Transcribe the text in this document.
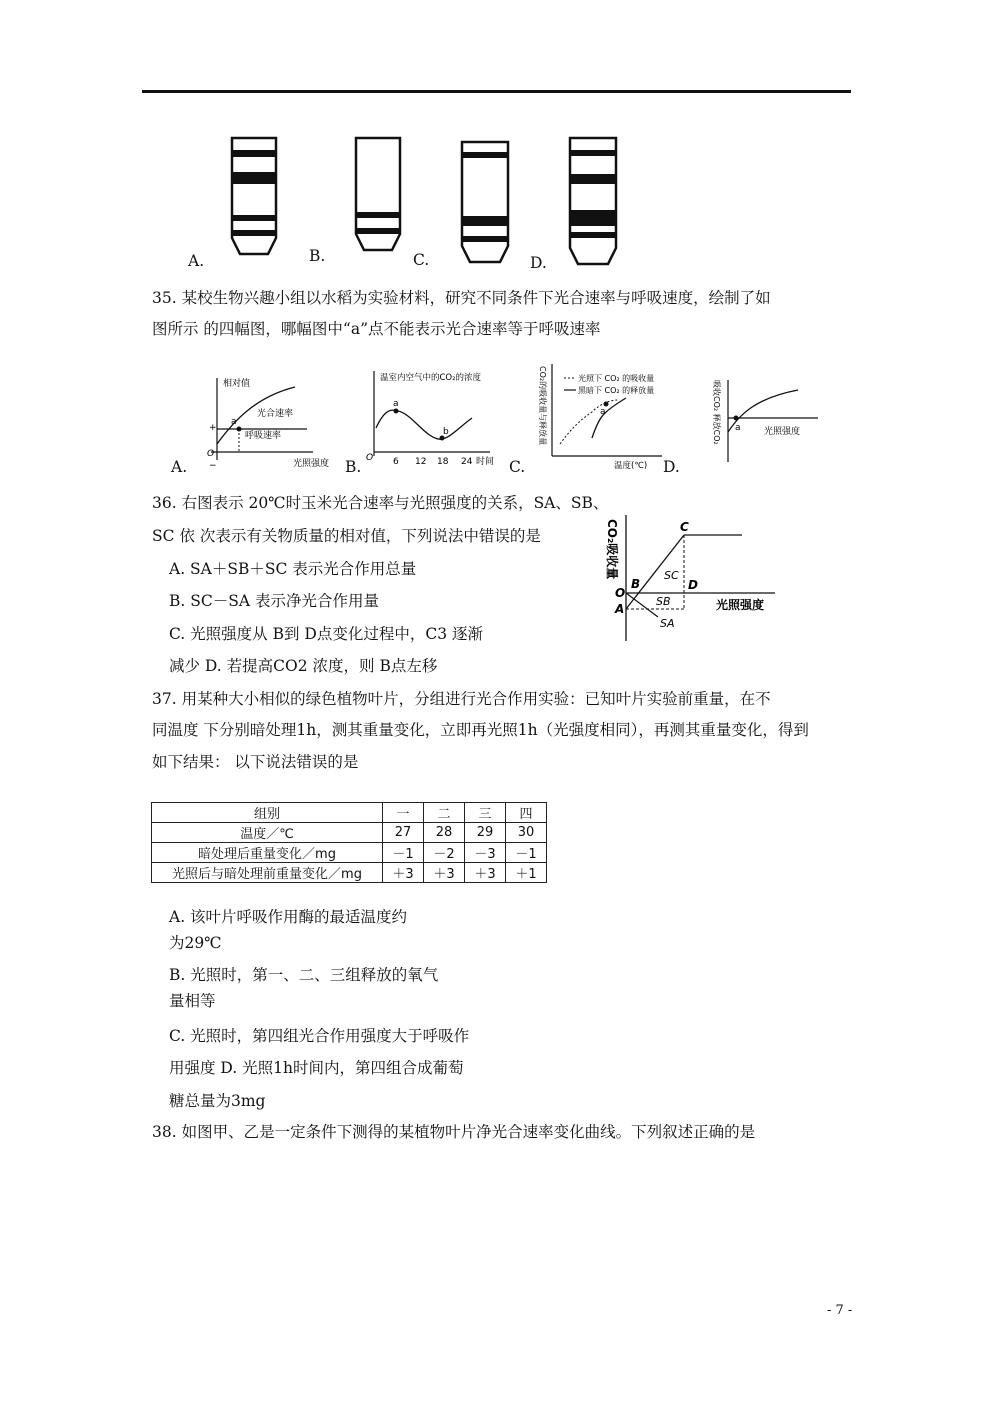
A.	B.	C.	D.
35. 某校生物兴趣小组以水稻为实验材料，研究不同条件下光合速率与呼吸速度，绘制了如
图所示 的四幅图，哪幅图中“a”点不能表示光合速率等于呼吸速率
相对值
光合速率
呼吸速率
a
+
O
−	光照强度
A.
温室内空气中的CO₂的浓度
a
b
O 6 12 18 24 时间
B.
光照下 CO₂ 的吸收量
黑暗下 CO₂ 的释放量
a
CO₂的吸收量与释放量
温度(℃)
C.
a
吸收CO₂ 释放CO₂	光照强度
D.
36. 右图表示 20℃时玉米光合速率与光照强度的关系，SA、SB、
SC 依 次表示有关物质量的相对值，下列说法中错误的是
A. SA＋SB＋SC 表示光合作用总量
B. SC－SA 表示净光合作用量
C. 光照强度从 B到 D点变化过程中，C3 逐渐
减少 D. 若提高CO2 浓度，则 B点左移
CO₂吸收量	C
SC
B	D
O
SB
A	光照强度
SA
37. 用某种大小相似的绿色植物叶片，分组进行光合作用实验：已知叶片实验前重量，在不
同温度 下分别暗处理1h，测其重量变化，立即再光照1h（光强度相同），再测其重量变化，得到
如下结果： 以下说法错误的是
组别	一	二	三	四
温度／℃	27	28	29	30
暗处理后重量变化／mg	－1	－2	－3	－1
光照后与暗处理前重量变化／mg	＋3	＋3	＋3	＋1
A. 该叶片呼吸作用酶的最适温度约
为29℃
B. 光照时，第一、二、三组释放的氧气
量相等
C. 光照时，第四组光合作用强度大于呼吸作
用强度 D. 光照1h时间内，第四组合成葡萄
糖总量为3mg
38. 如图甲、乙是一定条件下测得的某植物叶片净光合速率变化曲线。下列叙述正确的是
- 7 -
